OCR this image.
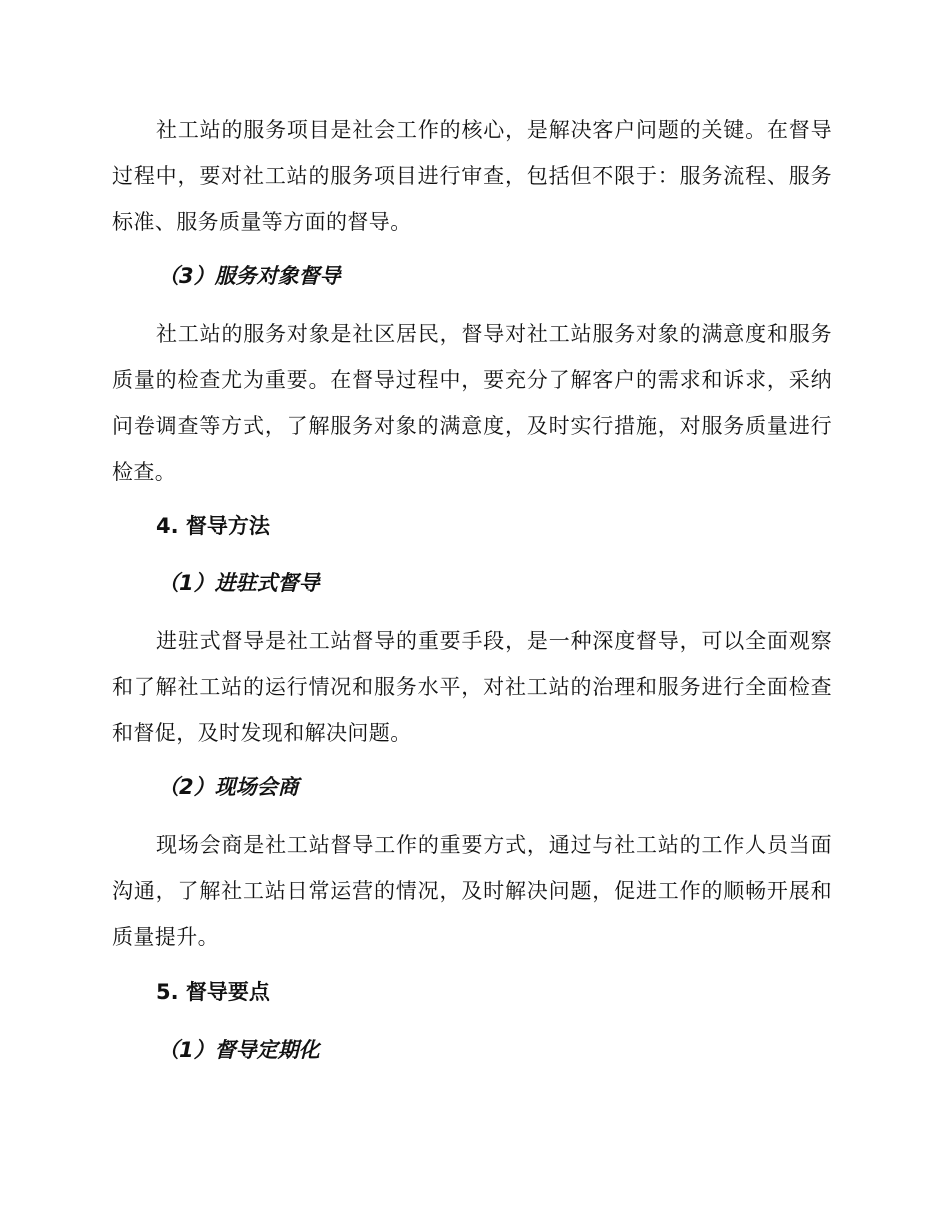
社工站的服务项目是社会工作的核心，是解决客户问题的关键。在督导过程中，要对社工站的服务项目进行审查，包括但不限于：服务流程、服务标准、服务质量等方面的督导。

（3）服务对象督导

社工站的服务对象是社区居民，督导对社工站服务对象的满意度和服务质量的检查尤为重要。在督导过程中，要充分了解客户的需求和诉求，采纳问卷调查等方式，了解服务对象的满意度，及时实行措施，对服务质量进行检查。

4. 督导方法
（1）进驻式督导

进驻式督导是社工站督导的重要手段，是一种深度督导，可以全面观察和了解社工站的运行情况和服务水平，对社工站的治理和服务进行全面检查和督促，及时发现和解决问题。

（2）现场会商

现场会商是社工站督导工作的重要方式，通过与社工站的工作人员当面沟通，了解社工站日常运营的情况，及时解决问题，促进工作的顺畅开展和质量提升。

5. 督导要点
（1）督导定期化
